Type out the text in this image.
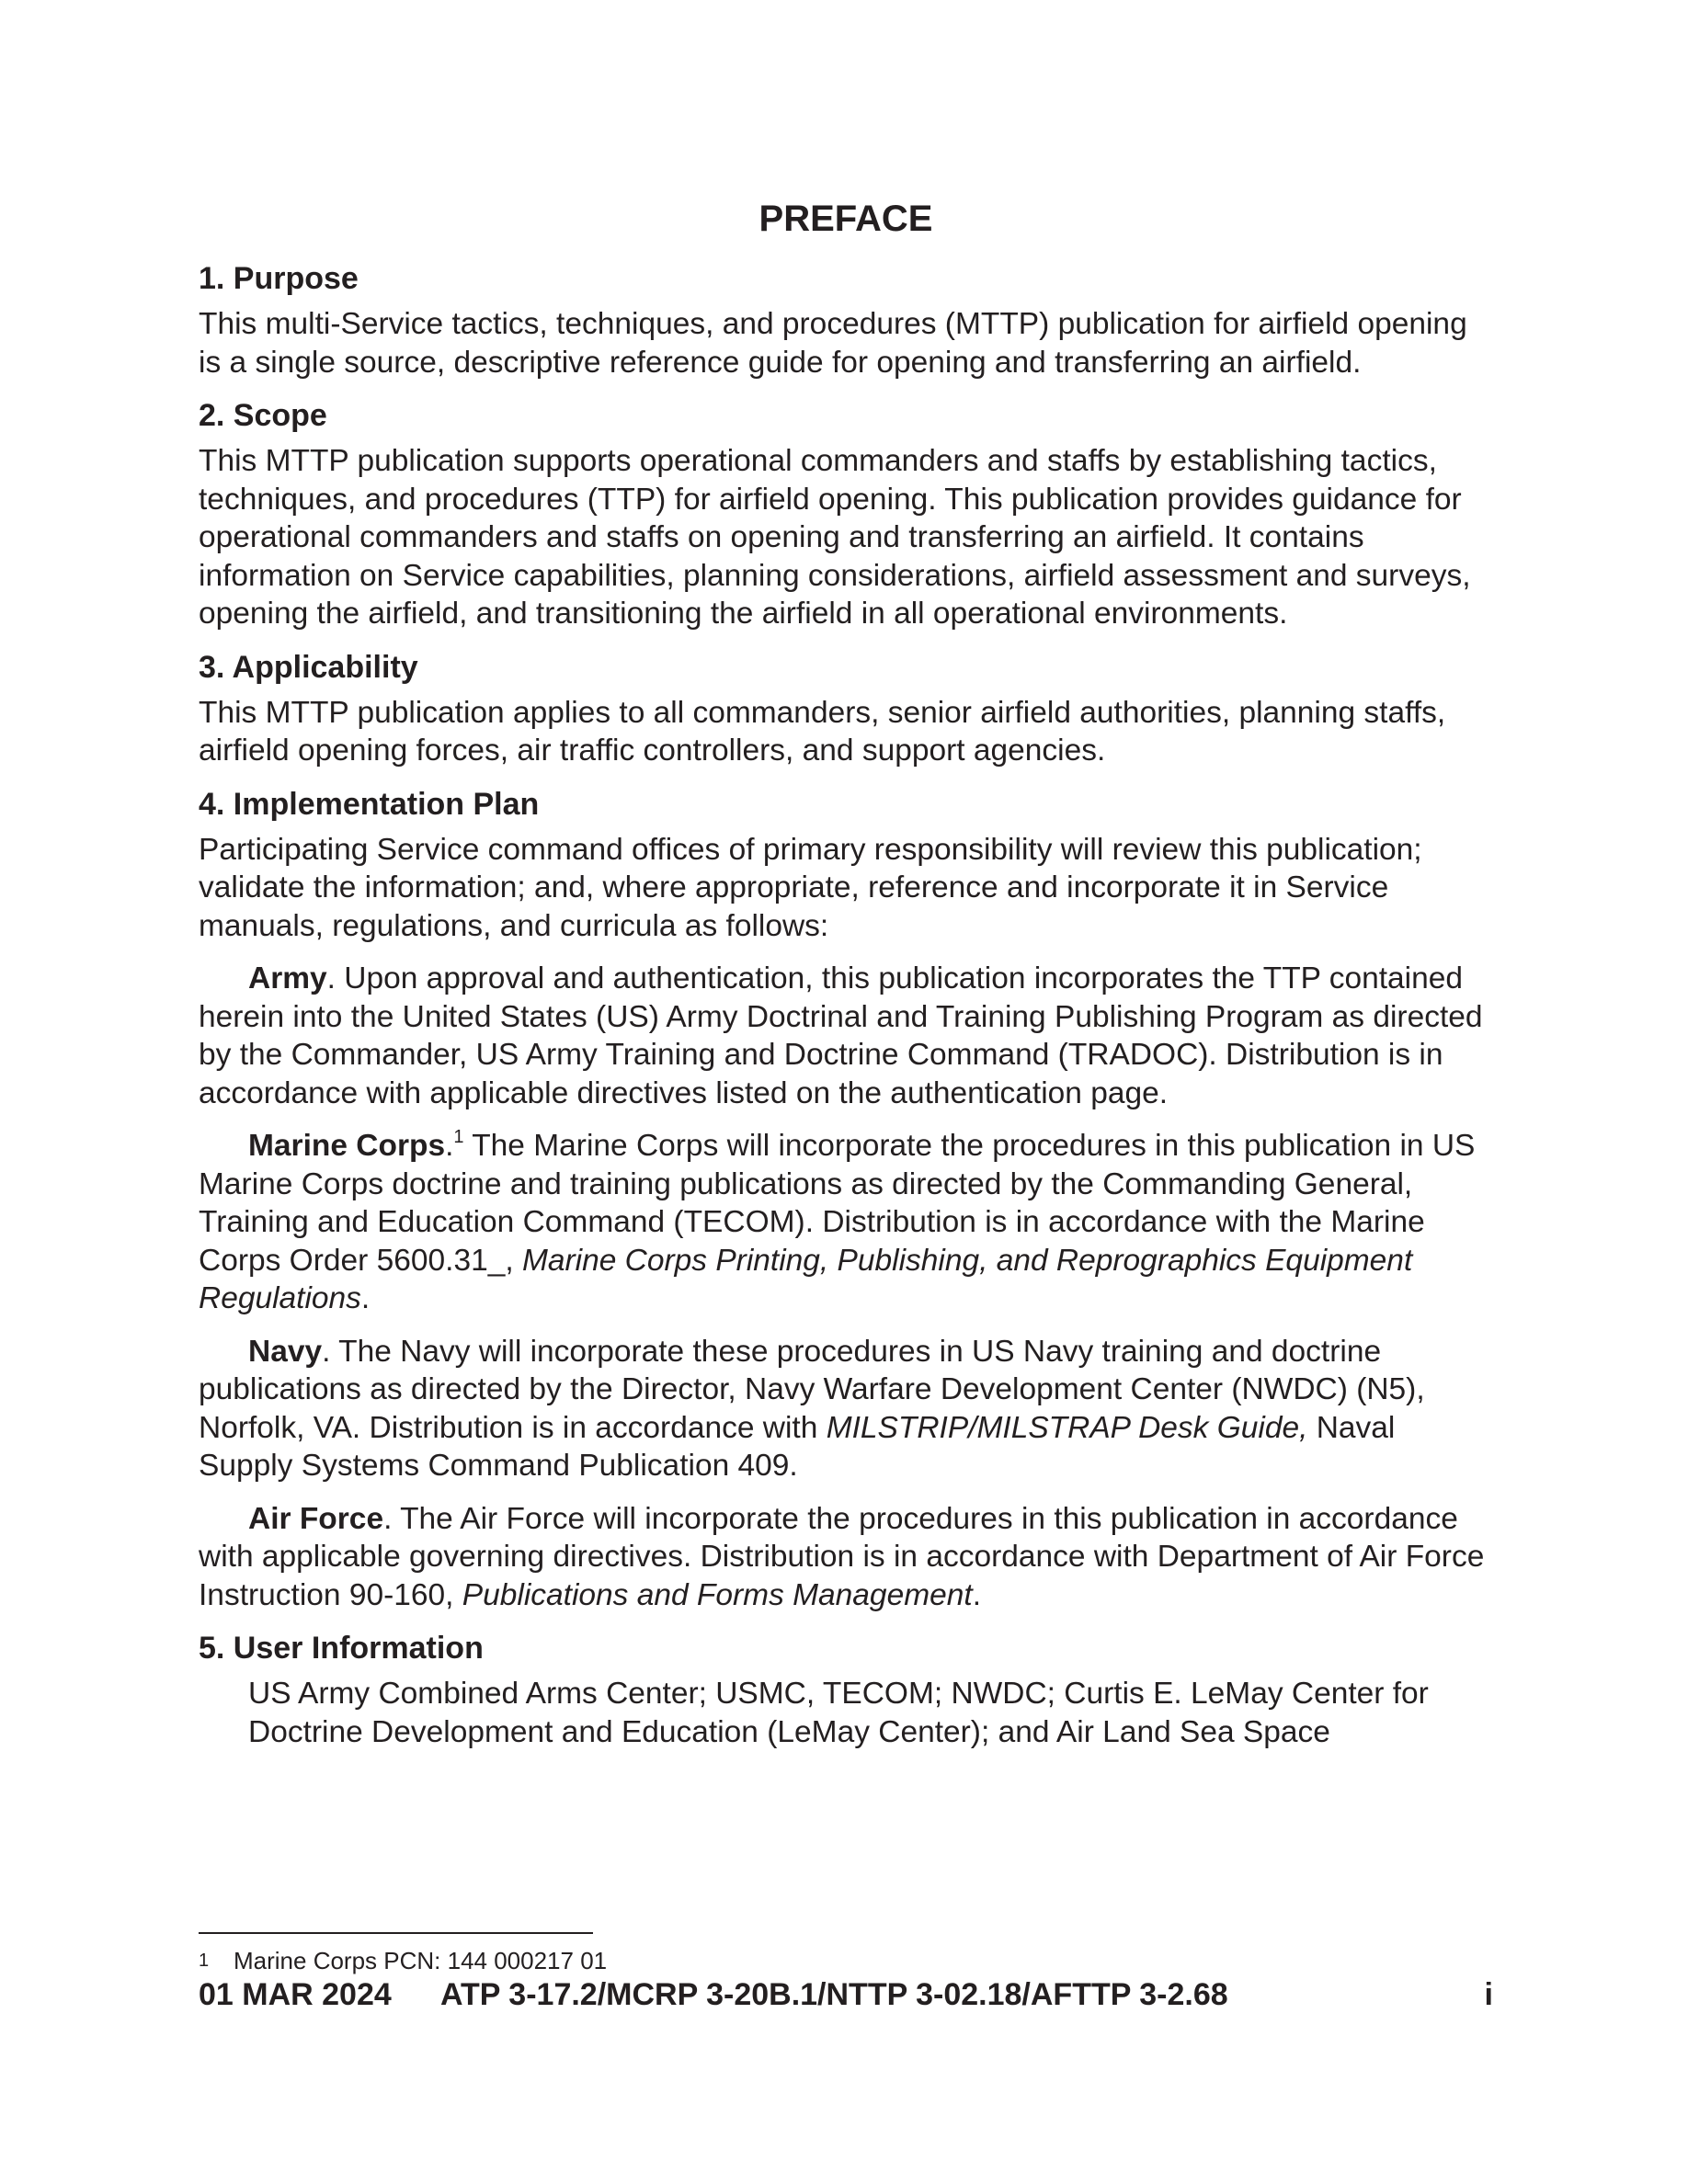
PREFACE
1. Purpose

This multi-Service tactics, techniques, and procedures (MTTP) publication for airfield opening is a single source, descriptive reference guide for opening and transferring an airfield.

2. Scope

This MTTP publication supports operational commanders and staffs by establishing tactics, techniques, and procedures (TTP) for airfield opening. This publication provides guidance for operational commanders and staffs on opening and transferring an airfield. It contains information on Service capabilities, planning considerations, airfield assessment and surveys, opening the airfield, and transitioning the airfield in all operational environments.

3. Applicability

This MTTP publication applies to all commanders, senior airfield authorities, planning staffs, airfield opening forces, air traffic controllers, and support agencies.

4. Implementation Plan

Participating Service command offices of primary responsibility will review this publication; validate the information; and, where appropriate, reference and incorporate it in Service manuals, regulations, and curricula as follows:

Army. Upon approval and authentication, this publication incorporates the TTP contained herein into the United States (US) Army Doctrinal and Training Publishing Program as directed by the Commander, US Army Training and Doctrine Command (TRADOC). Distribution is in accordance with applicable directives listed on the authentication page.

Marine Corps.$^1$ The Marine Corps will incorporate the procedures in this publication in US Marine Corps doctrine and training publications as directed by the Commanding General, Training and Education Command (TECOM). Distribution is in accordance with the Marine Corps Order 5600.31_, Marine Corps Printing, Publishing, and Reprographics Equipment Regulations.

Navy. The Navy will incorporate these procedures in US Navy training and doctrine publications as directed by the Director, Navy Warfare Development Center (NWDC) (N5), Norfolk, VA. Distribution is in accordance with MILSTRIP/MILSTRAP Desk Guide, Naval Supply Systems Command Publication 409.

Air Force. The Air Force will incorporate the procedures in this publication in accordance with applicable governing directives. Distribution is in accordance with Department of Air Force Instruction 90-160, Publications and Forms Management.

5. User Information

US Army Combined Arms Center; USMC, TECOM; NWDC; Curtis E. LeMay Center for Doctrine Development and Education (LeMay Center); and Air Land Sea Space

1 Marine Corps PCN: 144 000217 01
01 MAR 2024 ATP 3-17.2/MCRP 3-20B.1/NTTP 3-02.18/AFTTP 3-2.68	i
